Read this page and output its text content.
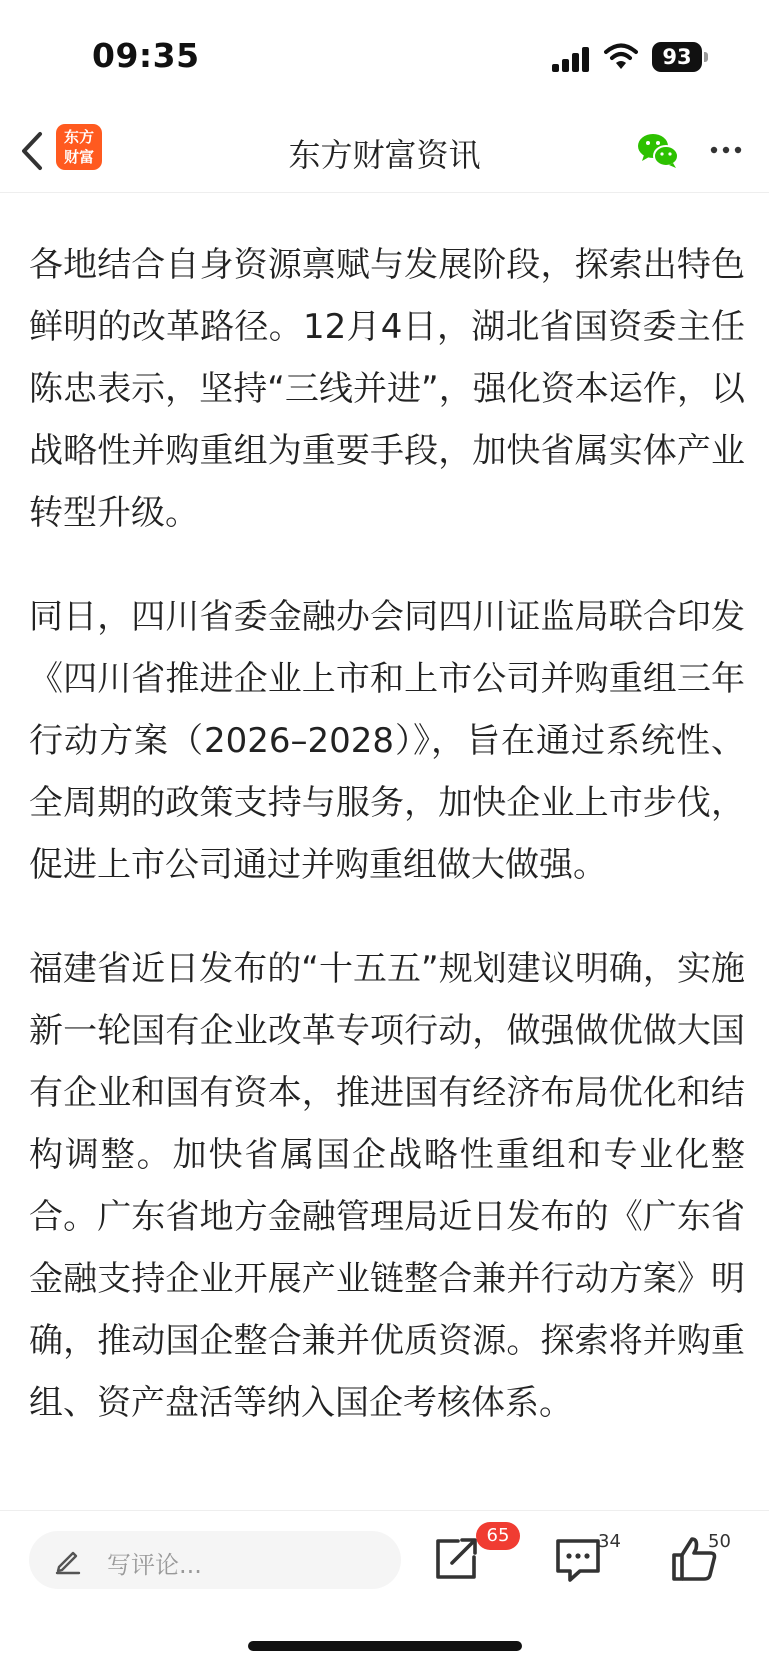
09:35	93
东方
财富	东方财富资讯

各地结合自身资源禀赋与发展阶段，探索出特色鲜明的改革路径。12月4日，湖北省国资委主任陈忠表示，坚持“三线并进”，强化资本运作，以战略性并购重组为重要手段，加快省属实体产业转型升级。

同日，四川省委金融办会同四川证监局联合印发《四川省推进企业上市和上市公司并购重组三年行动方案（2026–2028）》，旨在通过系统性、全周期的政策支持与服务，加快企业上市步伐，促进上市公司通过并购重组做大做强。

福建省近日发布的“十五五”规划建议明确，实施新一轮国有企业改革专项行动，做强做优做大国有企业和国有资本，推进国有经济布局优化和结构调整。加快省属国企战略性重组和专业化整合。广东省地方金融管理局近日发布的《广东省金融支持企业开展产业链整合兼并行动方案》明确，推动国企整合兼并优质资源。探索将并购重组、资产盘活等纳入国企考核体系。

写评论...
65	34	50
